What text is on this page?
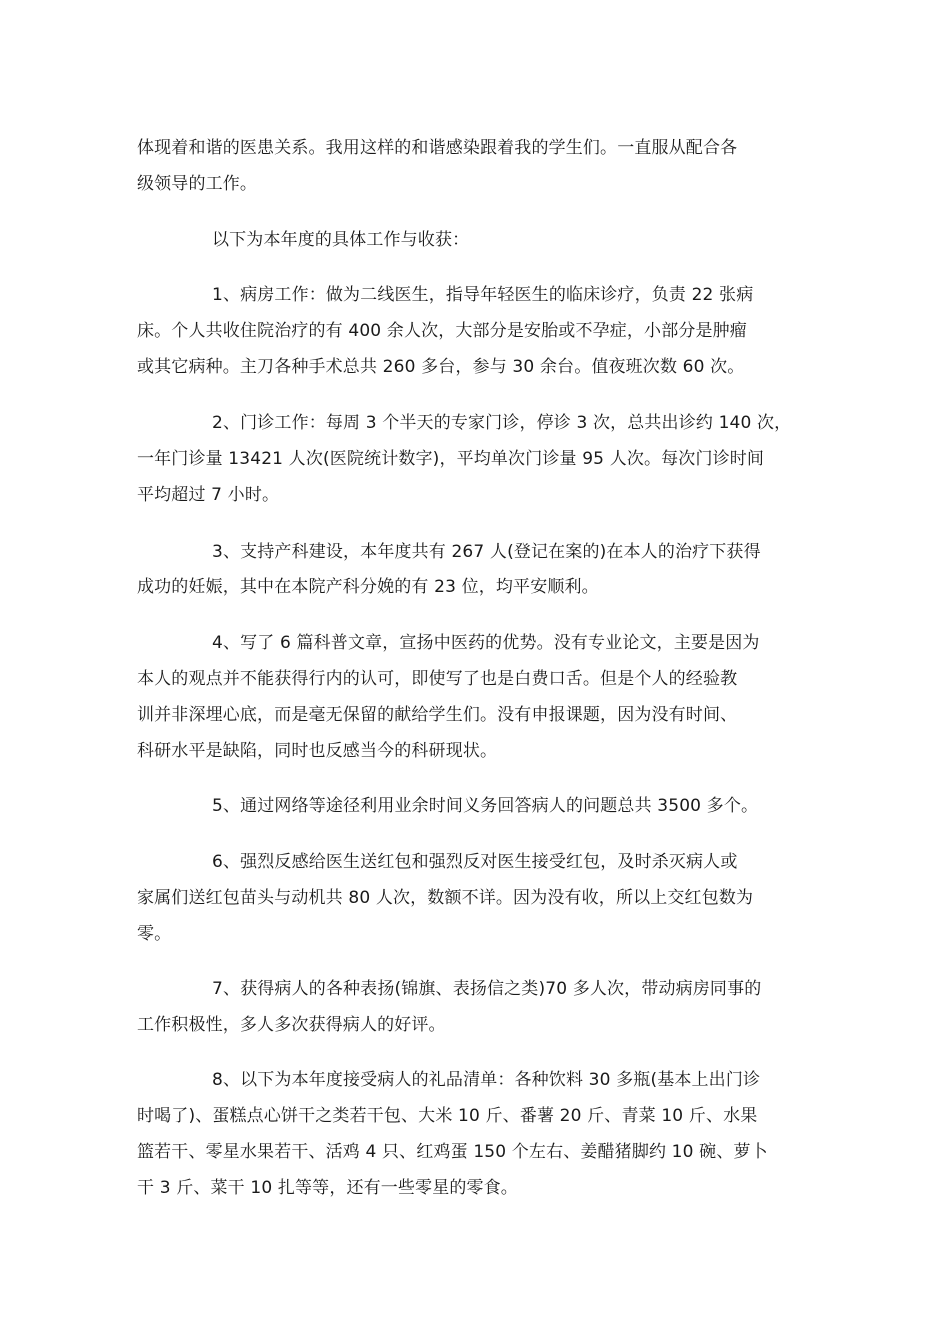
体现着和谐的医患关系。我用这样的和谐感染跟着我的学生们。一直服从配合各
级领导的工作。
以下为本年度的具体工作与收获：
1、病房工作：做为二线医生，指导年轻医生的临床诊疗，负责 22 张病
床。个人共收住院治疗的有 400 余人次，大部分是安胎或不孕症，小部分是肿瘤
或其它病种。主刀各种手术总共 260 多台，参与 30 余台。值夜班次数 60 次。
2、门诊工作：每周 3 个半天的专家门诊，停诊 3 次，总共出诊约 140 次，
一年门诊量 13421 人次(医院统计数字)，平均单次门诊量 95 人次。每次门诊时间
平均超过 7 小时。
3、支持产科建设，本年度共有 267 人(登记在案的)在本人的治疗下获得
成功的妊娠，其中在本院产科分娩的有 23 位，均平安顺利。
4、写了 6 篇科普文章，宣扬中医药的优势。没有专业论文，主要是因为
本人的观点并不能获得行内的认可，即使写了也是白费口舌。但是个人的经验教
训并非深埋心底，而是毫无保留的献给学生们。没有申报课题，因为没有时间、
科研水平是缺陷，同时也反感当今的科研现状。
5、通过网络等途径利用业余时间义务回答病人的问题总共 3500 多个。
6、强烈反感给医生送红包和强烈反对医生接受红包，及时杀灭病人或
家属们送红包苗头与动机共 80 人次，数额不详。因为没有收，所以上交红包数为
零。
7、获得病人的各种表扬(锦旗、表扬信之类)70 多人次，带动病房同事的
工作积极性，多人多次获得病人的好评。
8、以下为本年度接受病人的礼品清单：各种饮料 30 多瓶(基本上出门诊
时喝了)、蛋糕点心饼干之类若干包、大米 10 斤、番薯 20 斤、青菜 10 斤、水果
篮若干、零星水果若干、活鸡 4 只、红鸡蛋 150 个左右、姜醋猪脚约 10 碗、萝卜
干 3 斤、菜干 10 扎等等，还有一些零星的零食。
